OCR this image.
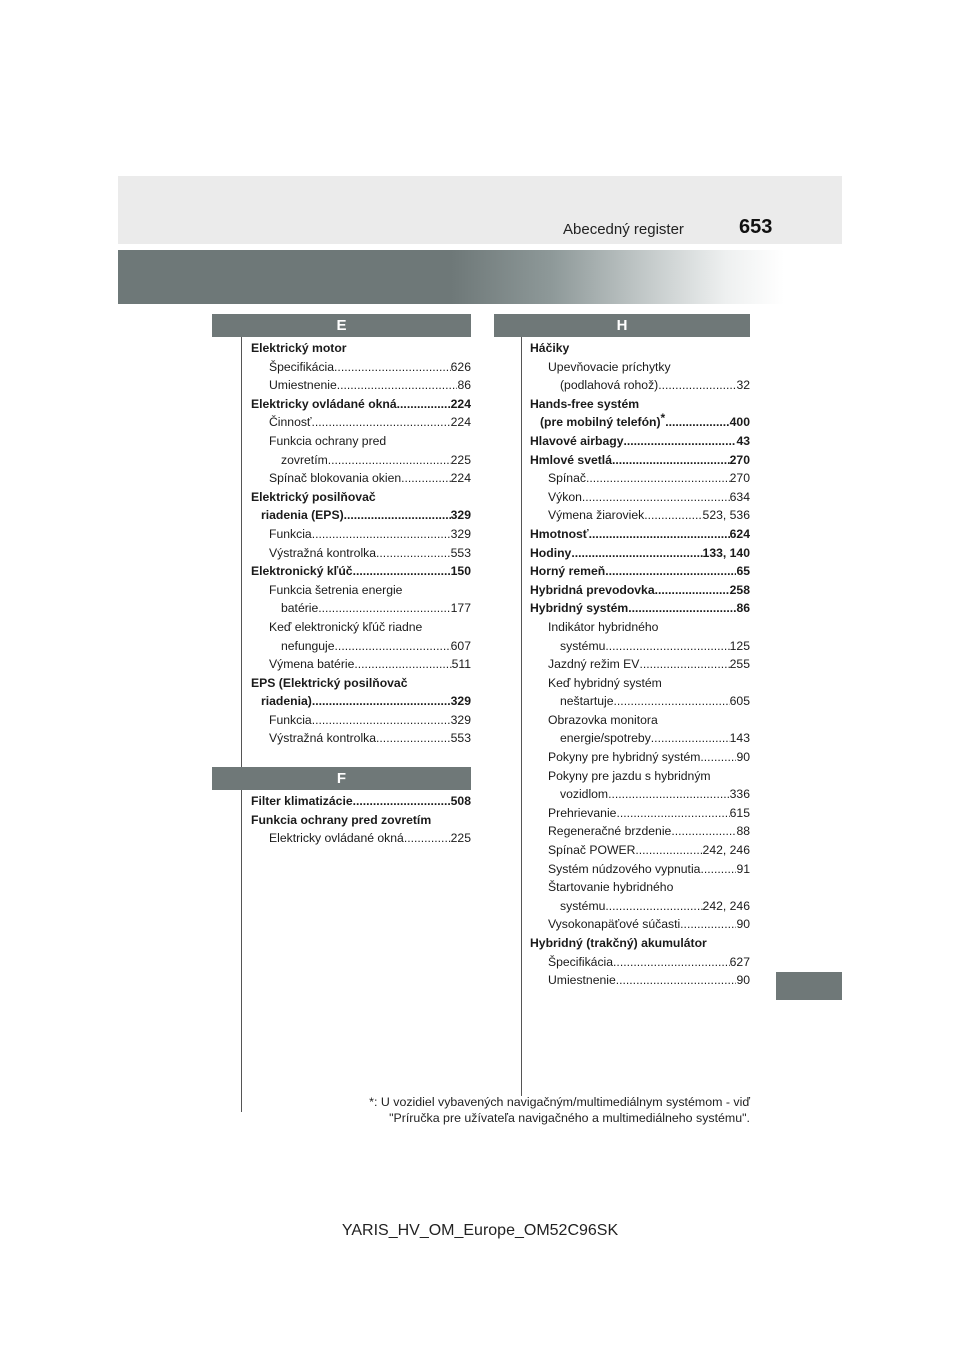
Abecedný register	653
E
F
H
Elektrický motor
Špecifikácia .....	626
Umiestnenie .....	86
Elektricky ovládané okná .....	224
Činnosť .....	224
Funkcia ochrany pred
zovretím .....	225
Spínač blokovania okien .....	224
Elektrický posilňovač
riadenia (EPS) .....	329
Funkcia .....	329
Výstražná kontrolka .....	553
Elektronický kľúč .....	150
Funkcia šetrenia energie
batérie .....	177
Keď elektronický kľúč riadne
nefunguje .....	607
Výmena batérie .....	511
EPS (Elektrický posilňovač
riadenia) .....	329
Funkcia .....	329
Výstražná kontrolka .....	553
Filter klimatizácie .....	508
Funkcia ochrany pred zovretím
Elektricky ovládané okná .....	225
Háčiky
Upevňovacie príchytky
(podlahová rohož) .....	32
Hands-free systém
(pre mobilný telefón) * .....	400
Hlavové airbagy .....	43
Hmlové svetlá .....	270
Spínač .....	270
Výkon .....	634
Výmena žiaroviek .....	523, 536
Hmotnosť .....	624
Hodiny .....	133, 140
Horný remeň .....	65
Hybridná prevodovka .....	258
Hybridný systém .....	86
Indikátor hybridného
systému .....	125
Jazdný režim EV .....	255
Keď hybridný systém
neštartuje .....	605
Obrazovka monitora
energie/spotreby .....	143
Pokyny pre hybridný systém .....	90
Pokyny pre jazdu s hybridným
vozidlom .....	336
Prehrievanie .....	615
Regeneračné brzdenie .....	88
Spínač POWER .....	242, 246
Systém núdzového vypnutia .....	91
Štartovanie hybridného
systému .....	242, 246
Vysokonapäťové súčasti .....	90
Hybridný (trakčný) akumulátor
Špecifikácia .....	627
Umiestnenie .....	90
*: U vozidiel vybavených navigačným/multimediálnym systémom - viď
"Príručka pre užívateľa navigačného a multimediálneho systému".
YARIS_HV_OM_Europe_OM52C96SK
